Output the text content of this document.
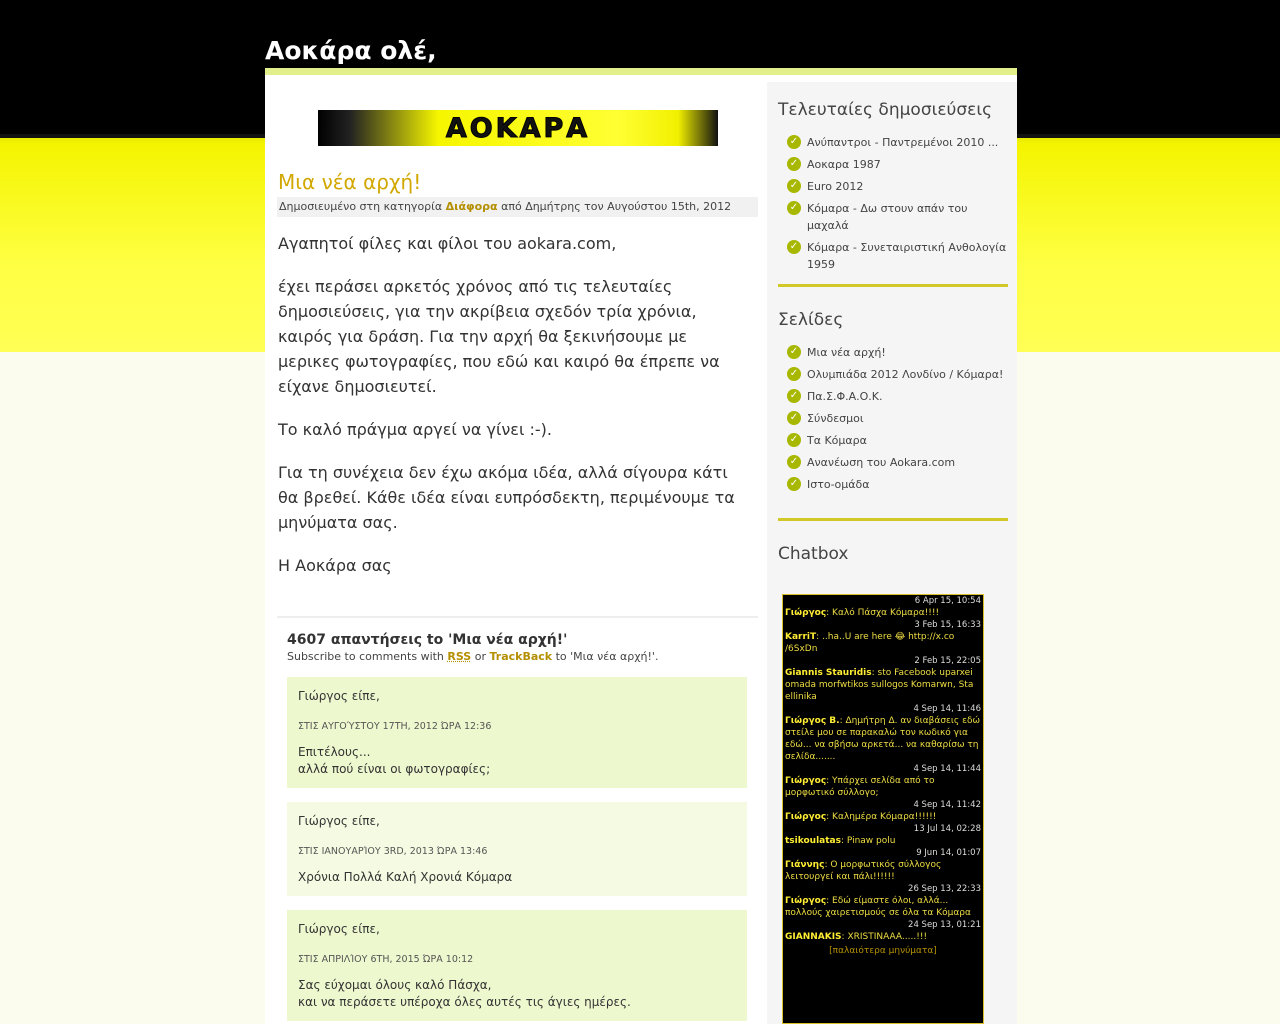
Αοκάρα ολέ,
ΑΟΚΑΡΑ
Μια νέα αρχή!
Δημοσιευμένο στη κατηγορία Διάφορα από Δημήτρης τον Αυγούστου 15th, 2012

Αγαπητοί φίλες και φίλοι του aokara.com,

έχει περάσει αρκετός χρόνος από τις τελευταίες δημοσιεύσεις, για την ακρίβεια σχεδόν τρία χρόνια, καιρός για δράση. Για την αρχή θα ξεκινήσουμε με μερικες φωτογραφίες, που εδώ και καιρό θα έπρεπε να είχανε δημοσιευτεί.

Το καλό πράγμα αργεί να γίνει :-).

Για τη συνέχεια δεν έχω ακόμα ιδέα, αλλά σίγουρα κάτι θα βρεθεί. Κάθε ιδέα είναι ευπρόσδεκτη, περιμένουμε τα μηνύματα σας.

Η Αοκάρα σας

4607 απαντήσεις to 'Μια νέα αρχή!'
Subscribe to comments with RSS or TrackBack to 'Μια νέα αρχή!'.
Γιώργος είπε,
ΣΤΙΣ ΑΥΓΟΎΣΤΟΥ 17TH, 2012 ΏΡΑ 12:36
Επιτέλους...
αλλά πού είναι οι φωτογραφίες;
Γιώργος είπε,
ΣΤΙΣ ΙΑΝΟΥΑΡΊΟΥ 3RD, 2013 ΏΡΑ 13:46
Χρόνια Πολλά Καλή Χρονιά Κόμαρα
Γιώργος είπε,
ΣΤΙΣ ΑΠΡΙΛΊΟΥ 6TH, 2015 ΏΡΑ 10:12
Σας εύχομαι όλους καλό Πάσχα,
και να περάσετε υπέροχα όλες αυτές τις άγιες ημέρες.
Τελευταίες δημοσιεύσεις
✓ Ανύπαντροι - Παντρεμένοι 2010 ...
✓ Αοκαρα 1987
✓ Euro 2012
✓ Κόμαρα - Δω στουν απάν του μαχαλά
✓ Κόμαρα - Συνεταιριστική Ανθολογία 1959
Σελίδες
✓ Μια νέα αρχή!
✓ Ολυμπιάδα 2012 Λονδίνο / Κόμαρα!
✓ Πα.Σ.Φ.Α.Ο.Κ.
✓ Σύνδεσμοι
✓ Τα Κόμαρα
✓ Ανανέωση του Aokara.com
✓ Ιστο-ομάδα
Chatbox
6 Apr 15, 10:54
Γιώργος: Καλό Πάσχα Κόμαρα!!!!
3 Feb 15, 16:33
KarriT: ..ha..U are here 😂 http://x.co /6SxDn
2 Feb 15, 22:05
Giannis Stauridis: sto Facebook uparxei omada morfwtikos sullogos Komarwn, Sta ellinika
4 Sep 14, 11:46
Γιώργος Β.: Δημήτρη Δ. αν διαβάσεις εδώ στείλε μου σε παρακαλώ τον κωδικό για εδώ... να σβήσω αρκετά... να καθαρίσω τη σελίδα.......
4 Sep 14, 11:44
Γιώργος: Υπάρχει σελίδα από το μορφωτικό σύλλογο;
4 Sep 14, 11:42
Γιώργος: Καλημέρα Κόμαρα!!!!!!
13 Jul 14, 02:28
tsikoulatas: Pinaw polu
9 Jun 14, 01:07
Γιάννης: Ο μορφωτικός σύλλογος λειτουργεί και πάλι!!!!!!
26 Sep 13, 22:33
Γιώργος: Εδώ είμαστε όλοι, αλλά... πολλούς χαιρετισμούς σε όλα τα Κόμαρα
24 Sep 13, 01:21
GIANNAKIS: XRISTINAAA.....!!!
[παλαιότερα μηνύματα]
